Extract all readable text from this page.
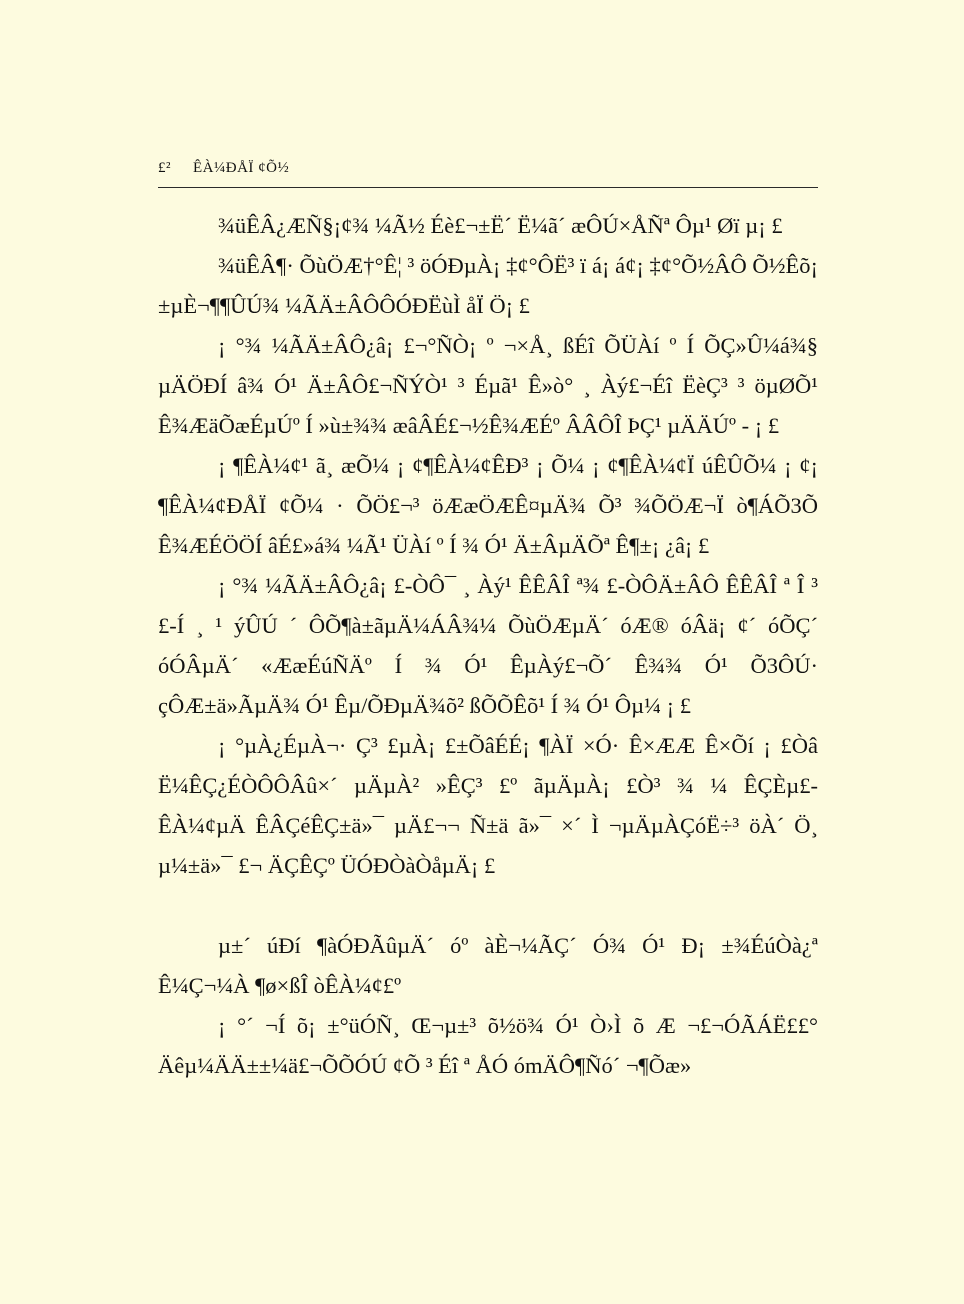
£² ÊÀ¼ÐÅÏ ¢Õ½

¾üÊÂ¿ÆÑ§¡¢¾ ¼Ã½ Éè£¬±Ë´ Ë¼ã´ æÔÚ×ÅÑª Ôµ¹ Øï µ¡ £

¾üÊÂ¶· ÕùÖÆ†°Ê¦ ³ öÓÐµÀ¡ ‡¢°ÔË³ ï á¡ á¢¡ ‡¢°Õ½ÂÔ Õ½Êõ¡ ±µÈ¬¶¶ÛÚ¾ ¼ÃÄ±ÂÔÔÓÐËùÌ åÏ Ö¡ £

¡ °¾ ¼ÃÄ±ÂÔ¿â¡ £¬°ÑÒ¡ º ¬×Å¸ ßÉî ÕÜÀí º Í ÕÇ»Û¼á¾§ µÄÖÐÍ â¾ Ó¹ Ä±ÂÔ£¬ÑÝÒ¹ ³ Éµã¹ Ê»ò° ¸ Àý£¬Éî ËèÇ³ ³ öµØÕ¹ Ê¾ÆäÕæÉµÚº Í »ù±¾¾ æâÂÉ£¬½Ê¾ÆÉº ÂÂÔÎ ÞÇ¹ µÄÄÚº - ¡ £

¡ ¶ÊÀ¼¢¹ ã¸ æÕ¼ ¡ ¢¶ÊÀ¼¢ÊÐ³ ¡ Õ¼ ¡ ¢¶ÊÀ¼¢Ï úÊÛÕ¼ ¡ ¢¡ ¶ÊÀ¼¢ÐÅÏ ¢Õ¼ · ÕÖ£¬³ öÆæÖÆÊ¤µÄ¾ Õ³ ¾ÕÖÆ¬Ï ò¶ÁÕ3Õ Ê¾ÆÉÖÖÍ âÉ£»á¾ ¼Ã¹ ÜÀí º Í ¾ Ó¹ Ä±ÂµÄÕª Ê¶±¡ ¿â¡ £

¡ °¾ ¼ÃÄ±ÂÔ¿â¡ £-ÒÔ¯ ¸ Àý¹ ÊÊÂÎ ª¾ £-ÒÔÄ±ÂÔ ÊÊÂÎ ª Î ³ £-Í ¸ ¹ ýÛÚ ´ ÔÕ¶à±ãµÄ¼ÁÂ¾¼ ÕùÖÆµÄ´ óÆ® óÂä¡ ¢´ óÕÇ´ óÓÂµÄ´ «ÆæÉúÑÄº Í ¾ Ó¹ ÊµÀý£¬Õ´ Ê¾¾ Ó¹ Õ3ÔÚ· çÔÆ±ä»ÃµÄ¾ Ó¹ Êµ/ÕÐµÄ¾õ² ßÕÕÊõ¹ Í ¾ Ó¹ Ôµ¼ ¡ £

¡ °µÀ¿ÉµÀ¬· Ç³ £µÀ¡ £±ÕâÉÉ¡ ¶ÀÏ ×Ó· Ê×ÆÆ Ê×Õí ¡ £Òâ Ë¼ÊÇ¿ÉÒÔÔÂû×´ µÄµÀ² »ÊÇ³ £º ãµÄµÀ¡ £Ò³ ¾ ¼ ÊÇÈµ£-ÊÀ¼¢µÄ ÊÂÇéÊÇ±ä»¯ µÄ£¬¬ Ñ±ä ã»¯ ×´ Ì ¬µÄµÀÇóË÷³ öÀ´ Ö¸ µ¼±ä»¯ £¬ ÄÇÊÇº ÜÓÐÒàÒåµÄ¡ £

µ±´ úÐí ¶àÓÐÃûµÄ´ óº àÈ¬¼ÃÇ´ Ó¾ Ó¹ Ð¡ ±¾ÉúÒà¿ª Ê¼Ç¬¼À ¶ø×ßÎ òÊÀ¼¢£º

¡ °´ ¬Í õ¡ ±°üÓÑ¸ Œ¬µ±³ õ½ö¾ Ó¹ Ò›Ì õ Æ ¬£¬ÓÃÁË££° Äêµ¼ÄÄ±±¼ä£¬ÕÕÓÚ ¢Õ ³ Éî ª ÅÓ ómÄÔ¶Ñó´ ¬¶Õæ»
